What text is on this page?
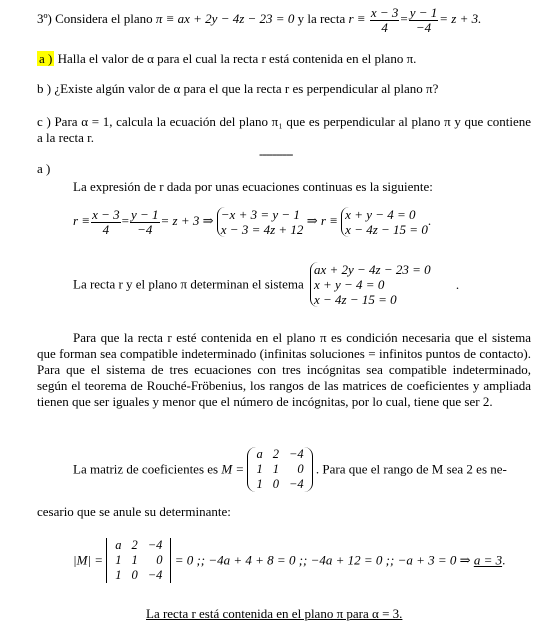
3º) Considera el plano π ≡ ax + 2y − 4z − 23 = 0 y la recta $r \equiv \frac{x - 3}{4} = \frac{y - 1}{-4} = z + 3$.
a ) Halla el valor de α para el cual la recta r está contenida en el plano π.
b ) ¿Existe algún valor de α para el que la recta r es perpendicular al plano π?
c ) Para α = 1, calcula la ecuación del plano π₁ que es perpendicular al plano π y que contiene a la recta r.
----------
a )
La expresión de r dada por unas ecuaciones continuas es la siguiente:
$r \equiv \frac{x - 3}{4} = \frac{y - 1}{-4} = z + 3$ ⇒ −x + 3 = y − 1
x − 3 = 4z + 12
⇒ r ≡ x + y − 4 = 0
x − 4z − 15 = 0
.
La recta r y el plano π determinan el sistema
ax + 2y − 4z − 23 = 0
x + y − 4 = 0
x − 4z − 15 = 0
.
Para que la recta r esté contenida en el plano π es condición necesaria que el sistema que forman sea compatible indeterminado (infinitas soluciones = infinitos puntos de contacto). Para que el sistema de tres ecuaciones con tres incógnitas sea compatible indeterminado, según el teorema de Rouché-Fröbenius, los rangos de las matrices de coeficientes y ampliada tienen que ser iguales y menor que el número de incógnitas, por lo cual, tiene que ser 2.
La matriz de coeficientes es M =
a	2	−4
1	1	0
1	0	−4
. Para que el rango de M sea 2 es ne-
cesario que se anule su determinante:
|M| =
a	2	−4
1	1	0
1	0	−4
= 0 ;; −4a + 4 + 8 = 0 ;; −4a + 12 = 0 ;; −a + 3 = 0 ⇒ a = 3.
La recta r está contenida en el plano π para α = 3.
